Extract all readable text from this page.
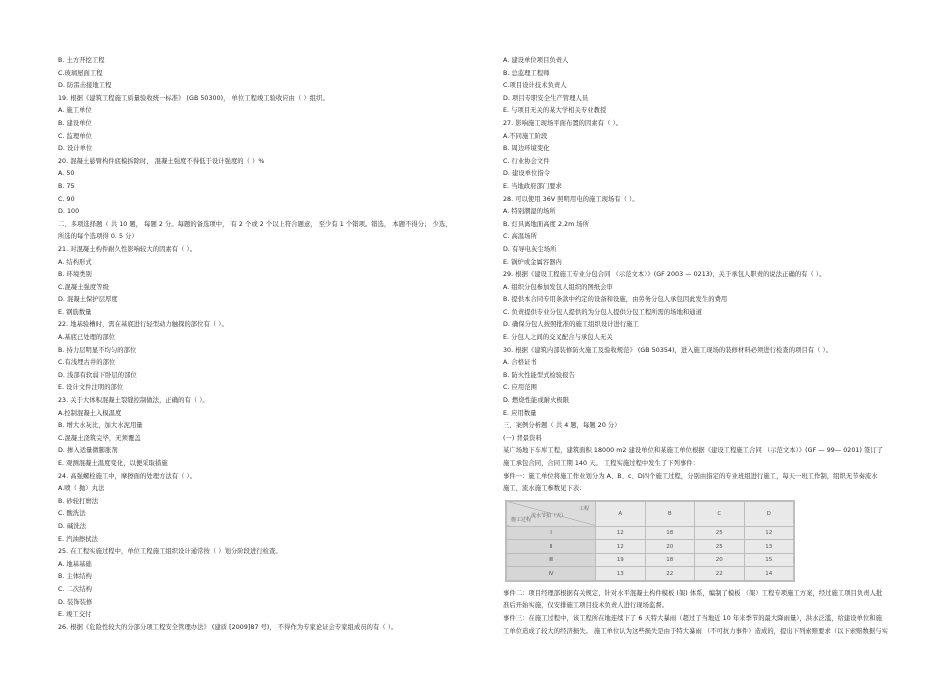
B. 土方开挖工程
C.玻璃屋面工程
D. 防雷击接地工程
19. 根据《建筑工程施工质量验收统一标准》 (GB 50300)， 单位工程竣工验收应由（ ）组织。
A. 施工单位
B. 建设单位
C. 监理单位
D. 设计单位
20. 混凝土悬臂构件底模拆除时， 混凝土强度不得低于设计强度的（ ）%
A. 50
B. 75
C. 90
D. 100
二、多项选择题（ 共 10 题， 每题 2 分。每题的备选项中， 有 2 个或 2 个以上符合题意， 至少有 1 个错项。错选， 本题不得分； 少选，
所选的每个选项得 0. 5 分）
21. 对混凝土构件耐久性影响较大的因素有（ ）。
A. 结构形式
B. 环境类别
C.混凝土强度等级
D. 混凝土保护层厚度
E. 钢筋数量
22. 地基验槽时，需在基底进行轻型动力触探的部位有（ ）。
A.基底已处理的部位
B. 持力层明显不均匀的部位
C.有浅埋古井的部位
D. 浅部有软弱下卧层的部位
E. 设计文件注明的部位
23. 关于大体积混凝土裂缝控制做法，正确的有（ ）。
A.控制混凝土入模温度
B. 增大水灰比，加大水泥用量
C.混凝土浇筑完毕，无须覆盖
D. 掺入适量微膨胀剂
E. 观测混凝土温度变化，以便采取措施
24. 高强螺栓施工中，摩擦面的处理方法有（ ）。
A.喷（ 抛）丸法
B. 砂轮打磨法
C. 酸洗法
D. 碱洗法
E. 汽油擦拭法
25. 在工程实施过程中，单位工程施工组织设计通常按（ ）划分阶段进行检查。
A. 地基基础
B. 主体结构
C. 二次结构
D. 装饰装修
E. 竣工交付
26. 根据《危险性较大的分部分项工程安全管理办法》 (建质 [2009]87 号)， 不得作为专家论证会专家组成员的有（ ）。
A. 建设单位项目负责人
B. 总监理工程师
C.项目设计技术负责人
D. 项目专职安全生产管理人员
E. 与项目无关的某大学相关专业教授
27. 影响施工现场平面布置的因素有（ ）。
A.不同施工阶段
B. 周边环境变化
C. 行业协会文件
D. 建设单位指令
E. 当地政府部门要求
28. 可以使用 36V 照明用电的施工现场有（ ）。
A. 特别潮湿的场所
B. 灯具离地面高度 2.2m 场所
C. 高温场所
D. 有导电灰尘场所
E. 锅炉或金属容器内
29. 根据《建设工程施工专业分包合同 （示范文本）》(GF 2003 — 0213)，关于承包人职责的说法正确的有（ ）。
A. 组织分包参加发包人组织的图纸会审
B. 提供本合同专用条款中约定的设备和设施，由劳务分包人承包因此发生的费用
C. 负责提供专业分包人提供的为分包人提供分包工程所需的场地和通道
D. 确保分包人按照批准的施工组织设计进行施工
E. 分包人之间的交叉配合与承包人无关
30. 根据《建筑内部装修防火施工及验收规范》 (GB 50354)，进入施工现场的装修材料必须进行检查的项目有（ ）。
A. 合格证书
B. 防火性能型式检验报告
C. 应用范围
D. 燃烧性能或耐火极限
E. 应用数量
三、案例分析题（ 共 4 题，每题 20 分）
(一) 背景资料
某广场地下车库工程，建筑面积 18000 m2 建设单位和某施工单位根据《建设工程施工合同 （示范文本）》(GF — 99— 0201) 签订了
施工承包合同，合同工期 140 天。 工程实施过程中发生了下列事件：
事件一：施工单位将施工作业划分为 A、B、c、D四个施工过程，分别由指定的专业班组进行施工，每天一班工作制，组织无节奏流水
施工，流水施工参数见下表：
施工过程
流水节拍（天）
工程	A	B	C	D
Ⅰ	12	18	25	12
Ⅱ	12	20	25	13
Ⅲ	19	18	20	15
Ⅳ	13	22	22	14
事件二：项目经理部根据有关规定，针对水平混凝土构件模板 (架) 体系，编制了模板 （架）工程专项施工方案，经过施工项目负责人批
准后开始实施，仅安排施工项目技术负责人进行现场监督。
事件三：在施工过程中，该工程所在地连续下了 6 天特大暴雨（超过了当地近 10 年来季节的最大降雨量），洪水泛滥，给建设单位和施
工单位造成了较大的经济损失。 施工单位认为这些损失是由于特大暴雨 （不可抗力事件）造成的，提出下列索赔要求（以下索赔数据与实
